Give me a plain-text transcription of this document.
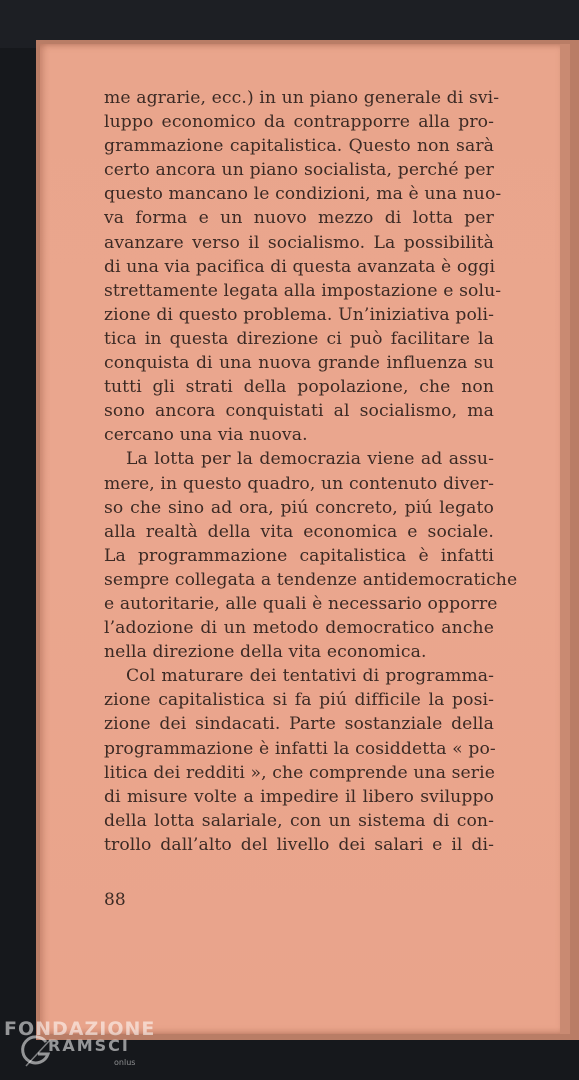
me agrarie, ecc.) in un piano generale di svi-
luppo economico da contrapporre alla pro-
grammazione capitalistica. Questo non sarà
certo ancora un piano socialista, perché per
questo mancano le condizioni, ma è una nuo-
va forma e un nuovo mezzo di lotta per
avanzare verso il socialismo. La possibilità
di una via pacifica di questa avanzata è oggi
strettamente legata alla impostazione e solu-
zione di questo problema. Un’iniziativa poli-
tica in questa direzione ci può facilitare la
conquista di una nuova grande influenza su
tutti gli strati della popolazione, che non
sono ancora conquistati al socialismo, ma
cercano una via nuova.
La lotta per la democrazia viene ad assu-
mere, in questo quadro, un contenuto diver-
so che sino ad ora, piú concreto, piú legato
alla realtà della vita economica e sociale.
La programmazione capitalistica è infatti
sempre collegata a tendenze antidemocratiche
e autoritarie, alle quali è necessario opporre
l’adozione di un metodo democratico anche
nella direzione della vita economica.
Col maturare dei tentativi di programma-
zione capitalistica si fa piú difficile la posi-
zione dei sindacati. Parte sostanziale della
programmazione è infatti la cosiddetta « po-
litica dei redditi », che comprende una serie
di misure volte a impedire il libero sviluppo
della lotta salariale, con un sistema di con-
trollo dall’alto del livello dei salari e il di-
88
FONDAZIONE
RAMSCI
onlus
